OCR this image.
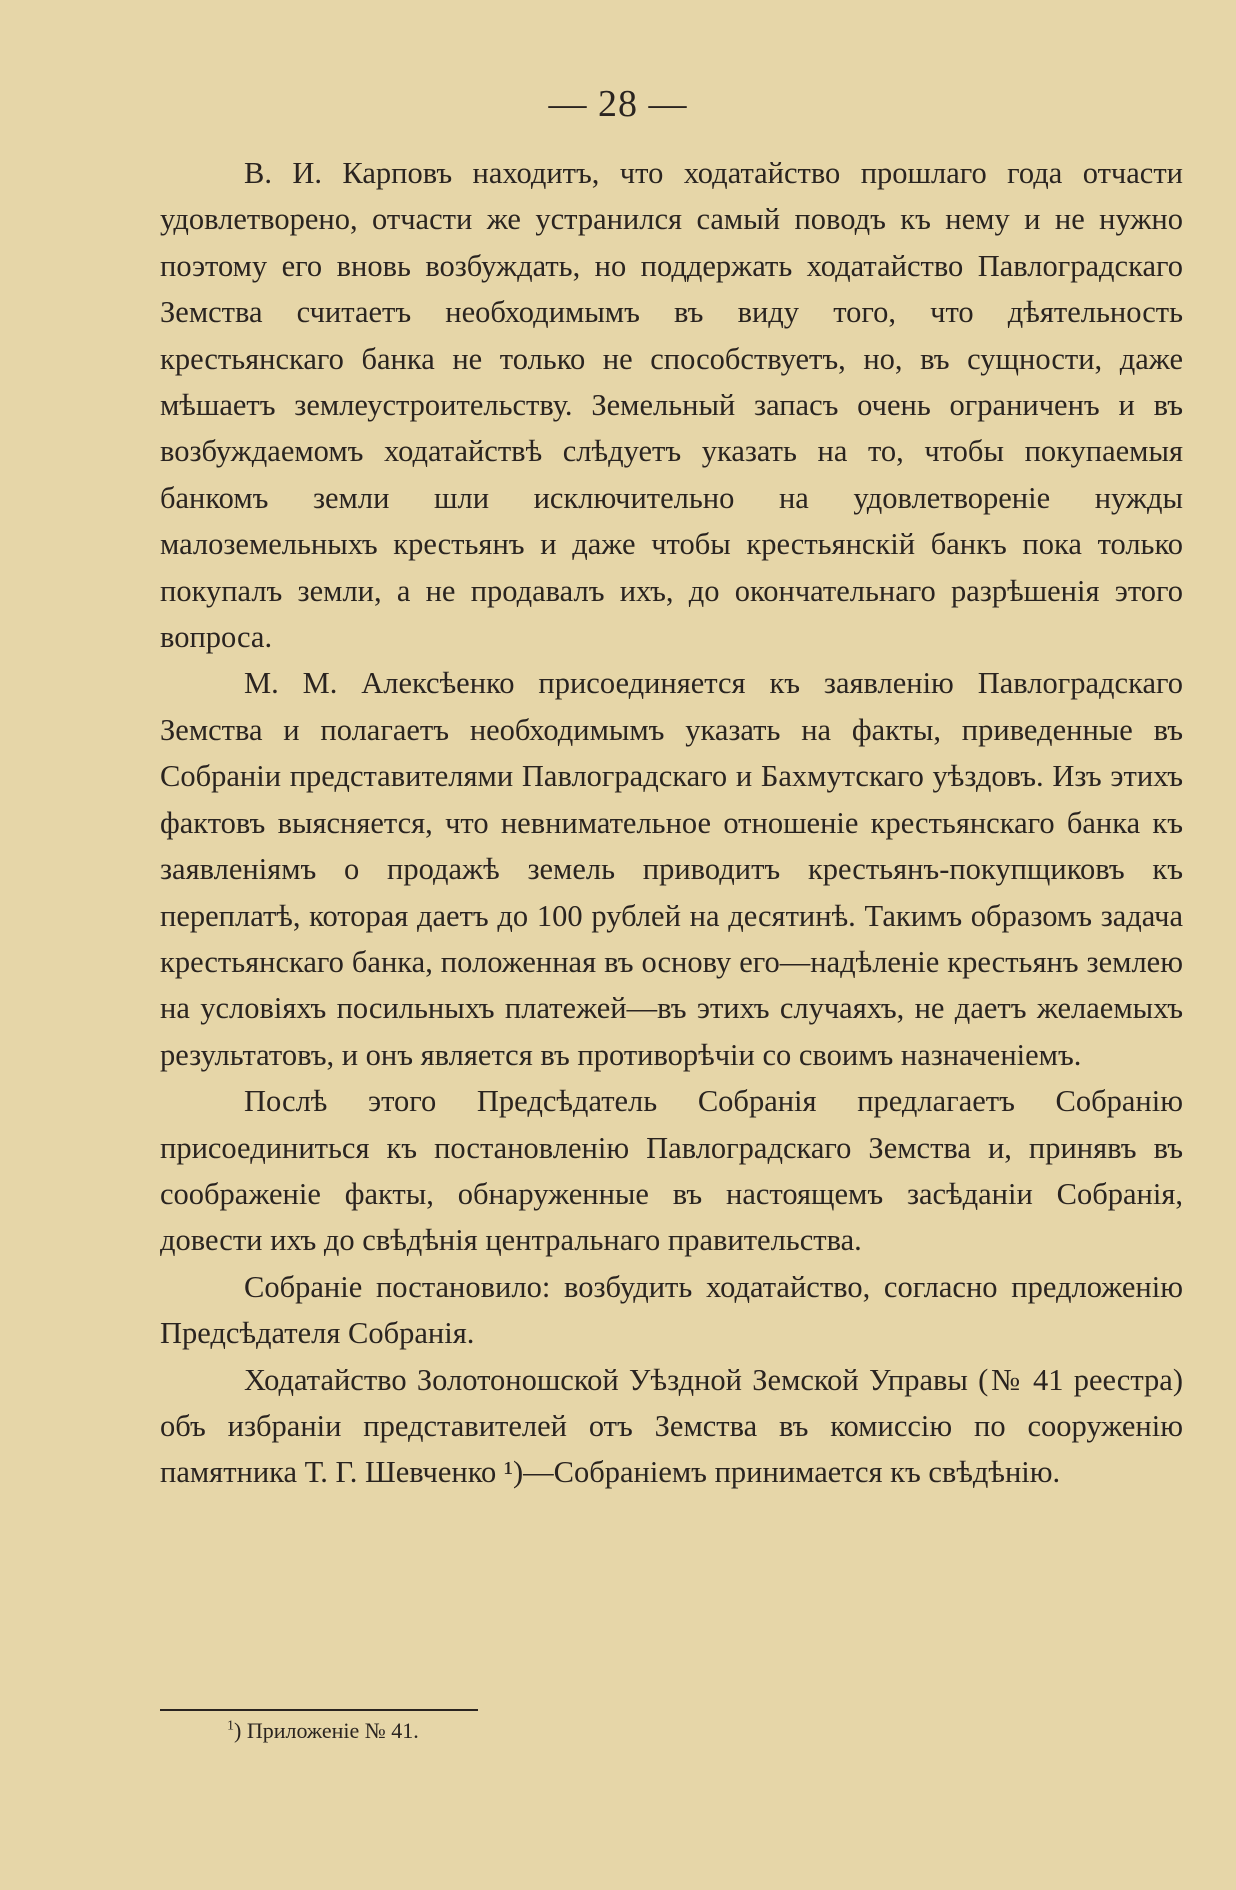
— 28 —

В. И. Карповъ находитъ, что ходатайство прошлаго года отчасти удовлетворено, отчасти же устранился самый поводъ къ нему и не нужно поэтому его вновь возбуждать, но поддержать ходатайство Павлоградскаго Земства считаетъ необходимымъ въ виду того, что дѣятельность крестьянскаго банка не только не способствуетъ, но, въ сущности, даже мѣшаетъ землеустроительству. Земельный запасъ очень ограниченъ и въ возбуждаемомъ ходатайствѣ слѣдуетъ указать на то, чтобы покупаемыя банкомъ земли шли исключительно на удовлетвореніе нужды малоземельныхъ крестьянъ и даже чтобы крестьянскій банкъ пока только покупалъ земли, а не продавалъ ихъ, до окончательнаго разрѣшенія этого вопроса.

М. М. Алексѣенко присоединяется къ заявленію Павлоградскаго Земства и полагаетъ необходимымъ указать на факты, приведенные въ Собраніи представителями Павлоградскаго и Бахмутскаго уѣздовъ. Изъ этихъ фактовъ выясняется, что невнимательное отношеніе крестьянскаго банка къ заявленіямъ о продажѣ земель приводитъ крестьянъ-покупщиковъ къ переплатѣ, которая даетъ до 100 рублей на десятинѣ. Такимъ образомъ задача крестьянскаго банка, положенная въ основу его—надѣленіе крестьянъ землею на условіяхъ посильныхъ платежей—въ этихъ случаяхъ, не даетъ желаемыхъ результатовъ, и онъ является въ противорѣчіи со своимъ назначеніемъ.

Послѣ этого Предсѣдатель Собранія предлагаетъ Собранію присоединиться къ постановленію Павлоградскаго Земства и, принявъ въ соображеніе факты, обнаруженные въ настоящемъ засѣданіи Собранія, довести ихъ до свѣдѣнія центральнаго правительства.

Собраніе постановило: возбудить ходатайство, согласно предложенію Предсѣдателя Собранія.

Ходатайство Золотоношской Уѣздной Земской Управы (№ 41 реестра) объ избраніи представителей отъ Земства въ комиссію по сооруженію памятника Т. Г. Шевченко ¹)—Собраніемъ принимается къ свѣдѣнію.

$^1$) Приложеніе № 41.
